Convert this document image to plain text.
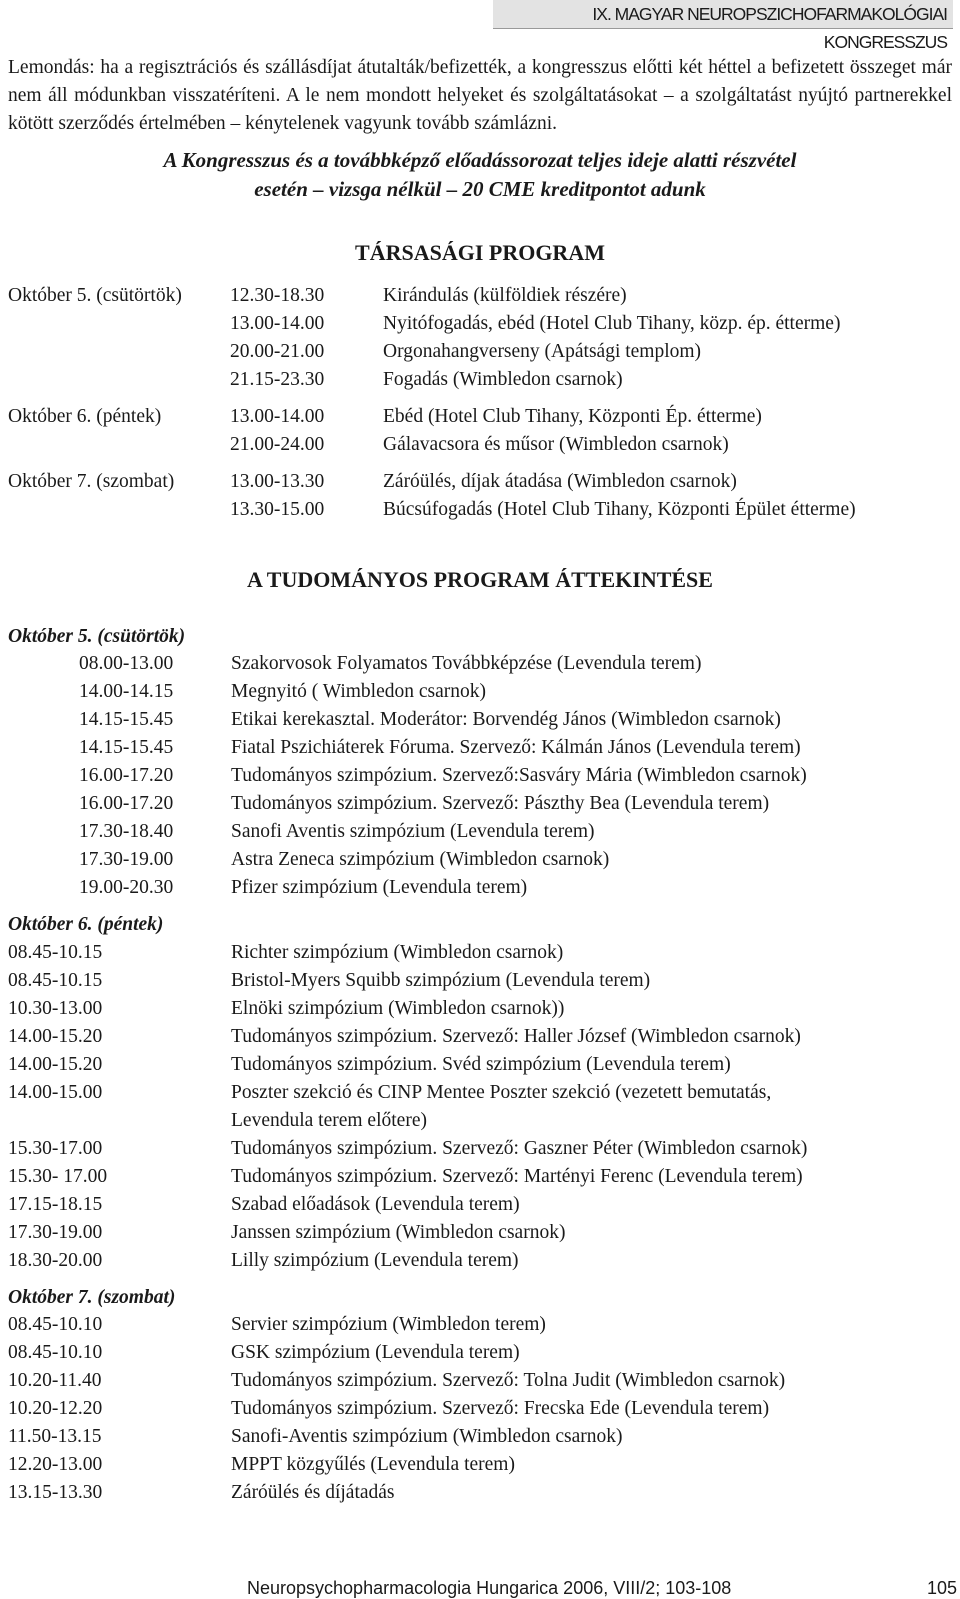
IX. MAGYAR NEUROPSZICHOFARMAKOLÓGIAI KONGRESSZUS

Lemondás: ha a regisztrációs és szállásdíjat átutalták/befizették, a kongresszus előtti két héttel a befizetett összeget már nem áll módunkban visszatéríteni. A le nem mondott helyeket és szolgáltatásokat – a szolgáltatást nyújtó partnerekkel kötött szerződés értelmében – kénytelenek vagyunk tovább számlázni.

A Kongresszus és a továbbképző előadássorozat teljes ideje alatti részvétel
esetén – vizsga nélkül – 20 CME kreditpontot adunk
TÁRSASÁGI PROGRAM
Október 5. (csütörtök) 12.30-18.30	Kirándulás (külföldiek részére)
13.00-14.00	Nyitófogadás, ebéd (Hotel Club Tihany, közp. ép. étterme)
20.00-21.00	Orgonahangverseny (Apátsági templom)
21.15-23.30	Fogadás (Wimbledon csarnok)
Október 6. (péntek)	13.00-14.00	Ebéd (Hotel Club Tihany, Központi Ép. étterme)
21.00-24.00	Gálavacsora és műsor (Wimbledon csarnok)
Október 7. (szombat)	13.00-13.30	Záróülés, díjak átadása (Wimbledon csarnok)
13.30-15.00	Búcsúfogadás (Hotel Club Tihany, Központi Épület étterme)
A TUDOMÁNYOS PROGRAM ÁTTEKINTÉSE
Október 5. (csütörtök)
08.00-13.00	Szakorvosok Folyamatos Továbbképzése (Levendula terem)
14.00-14.15	Megnyitó ( Wimbledon csarnok)
14.15-15.45	Etikai kerekasztal. Moderátor: Borvendég János (Wimbledon csarnok)
14.15-15.45	Fiatal Pszichiáterek Fóruma. Szervező: Kálmán János (Levendula terem)
16.00-17.20	Tudományos szimpózium. Szervező:Sasváry Mária (Wimbledon csarnok)
16.00-17.20	Tudományos szimpózium. Szervező: Pászthy Bea (Levendula terem)
17.30-18.40	Sanofi Aventis szimpózium (Levendula terem)
17.30-19.00	Astra Zeneca szimpózium (Wimbledon csarnok)
19.00-20.30	Pfizer szimpózium (Levendula terem)
Október 6. (péntek)
08.45-10.15	Richter szimpózium (Wimbledon csarnok)
08.45-10.15	Bristol-Myers Squibb szimpózium (Levendula terem)
10.30-13.00	Elnöki szimpózium (Wimbledon csarnok))
14.00-15.20	Tudományos szimpózium. Szervező: Haller József (Wimbledon csarnok)
14.00-15.20	Tudományos szimpózium. Svéd szimpózium (Levendula terem)
14.00-15.00	Poszter szekció és CINP Mentee Poszter szekció (vezetett bemutatás,
Levendula terem előtere)
15.30-17.00	Tudományos szimpózium. Szervező: Gaszner Péter (Wimbledon csarnok)
15.30- 17.00	Tudományos szimpózium. Szervező: Martényi Ferenc (Levendula terem)
17.15-18.15	Szabad előadások (Levendula terem)
17.30-19.00	Janssen szimpózium (Wimbledon csarnok)
18.30-20.00	Lilly szimpózium (Levendula terem)
Október 7. (szombat)
08.45-10.10	Servier szimpózium (Wimbledon terem)
08.45-10.10	GSK szimpózium (Levendula terem)
10.20-11.40	Tudományos szimpózium. Szervező: Tolna Judit (Wimbledon csarnok)
10.20-12.20	Tudományos szimpózium. Szervező: Frecska Ede (Levendula terem)
11.50-13.15	Sanofi-Aventis szimpózium (Wimbledon csarnok)
12.20-13.00	MPPT közgyűlés (Levendula terem)
13.15-13.30	Záróülés és díjátadás
Neuropsychopharmacologia Hungarica 2006, VIII/2; 103-108	105
